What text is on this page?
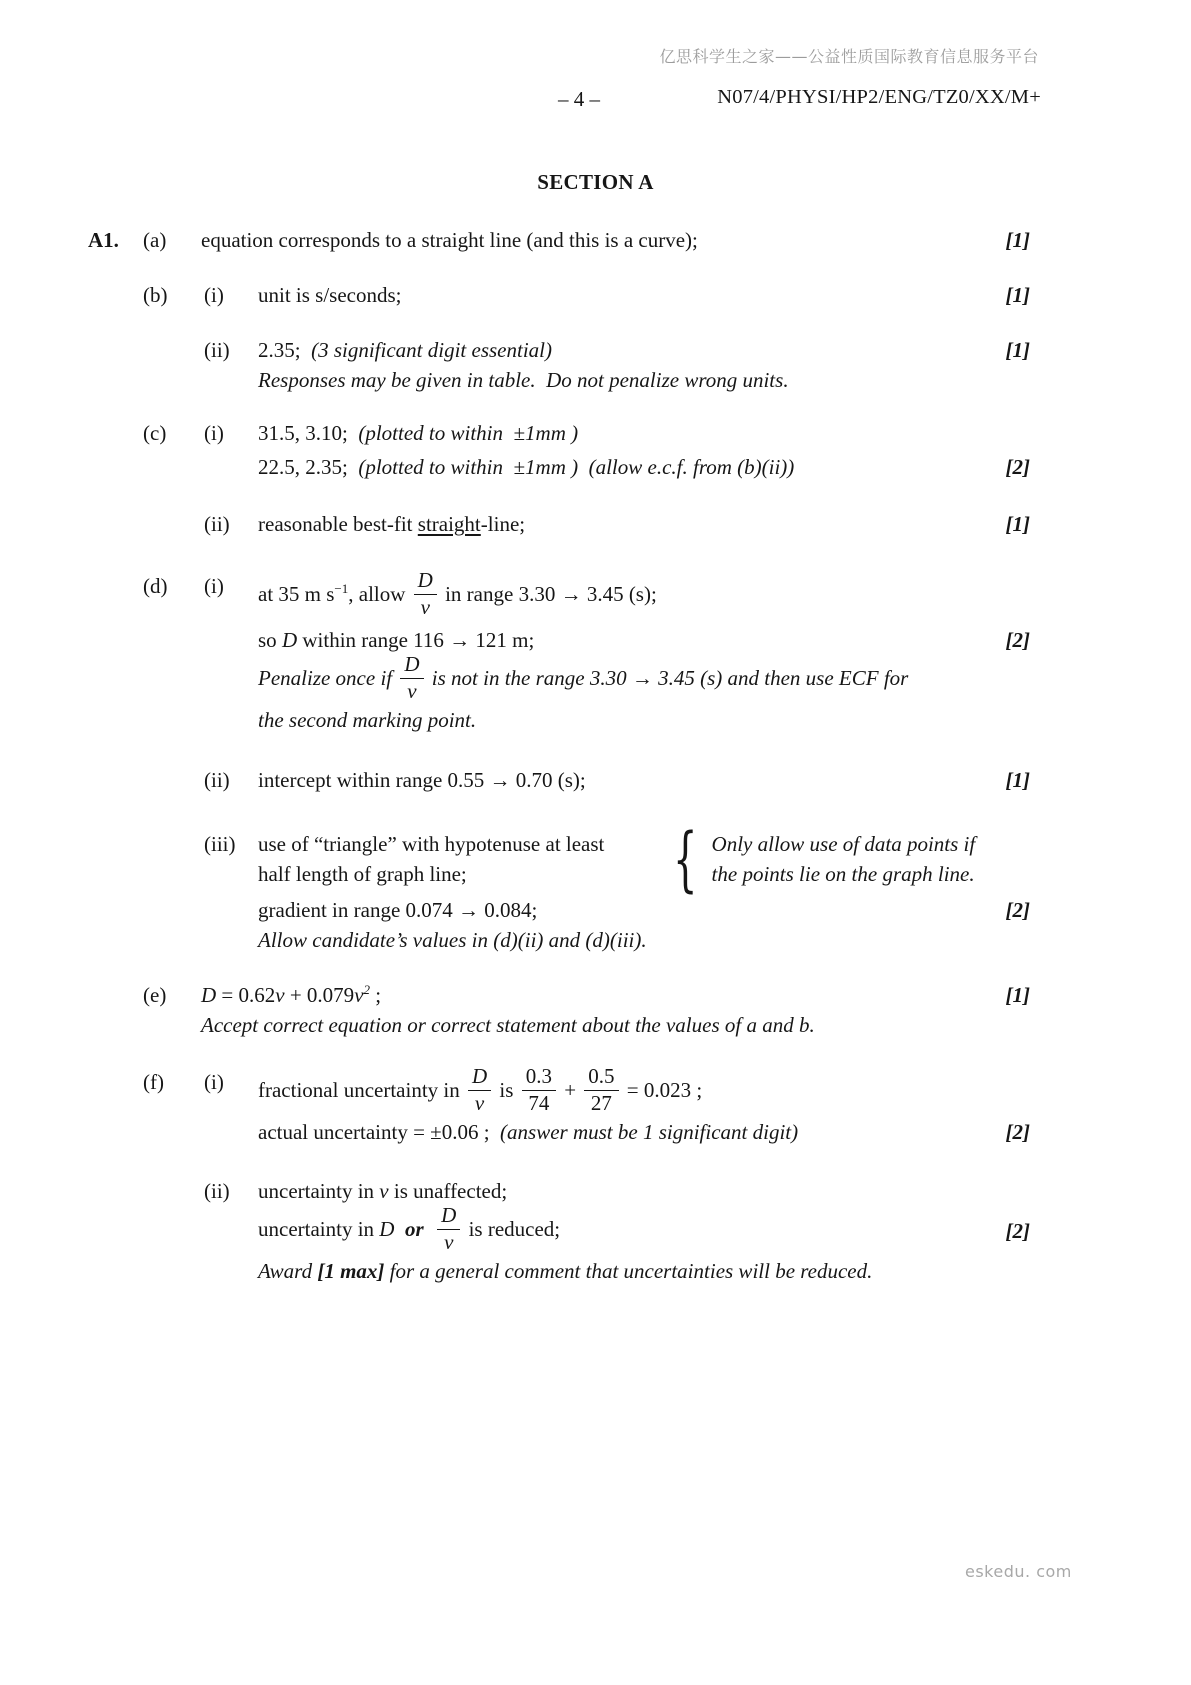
亿思科学生之家——公益性质国际教育信息服务平台
– 4 –	N07/4/PHYSI/HP2/ENG/TZ0/XX/M+
SECTION A
A1. (a) equation corresponds to a straight line (and this is a curve);	[1]
(b) (i) unit is s/seconds;	[1]
(ii) 2.35;  (3 significant digit essential)
Responses may be given in table.  Do not penalize wrong units.
[1]
(c) (i) 31.5, 3.10;  (plotted to within  ±1mm )
22.5, 2.35;  (plotted to within  ±1mm )  (allow e.c.f. from (b)(ii))	[2]
(ii) reasonable best-fit straight-line;	[1]
(d) (i) at 35 m $s^{-1}$, allow $\frac{D}{v}$ in range 3.30 → 3.45 (s);
so D within range 116 → 121 m;
Penalize once if $\frac{D}{v}$ is not in the range 3.30 → 3.45 (s) and then use ECF for
the second marking point.
[2]
(ii) intercept within range 0.55 → 0.70 (s);	[1]
(iii) use of “triangle” with hypotenuse at least
half length of graph line;	{ Only allow use of data points if
the points lie on the graph line.
gradient in range 0.074 → 0.084;
Allow candidate’s values in (d)(ii) and (d)(iii).
[2]
(e) $D = 0.62v + 0.079v^2$ ;
Accept correct equation or correct statement about the values of a and b.
[1]
(f) (i) fractional uncertainty in $\frac{D}{v}$ is $\frac{0.3}{74} + \frac{0.5}{27} = 0.023$ ;
actual uncertainty = ±0.06 ;  (answer must be 1 significant digit)	[2]
(ii) uncertainty in v is unaffected;
uncertainty in D or $\frac{D}{v}$ is reduced;
Award [1 max] for a general comment that uncertainties will be reduced.
[2]
eskedu. com
